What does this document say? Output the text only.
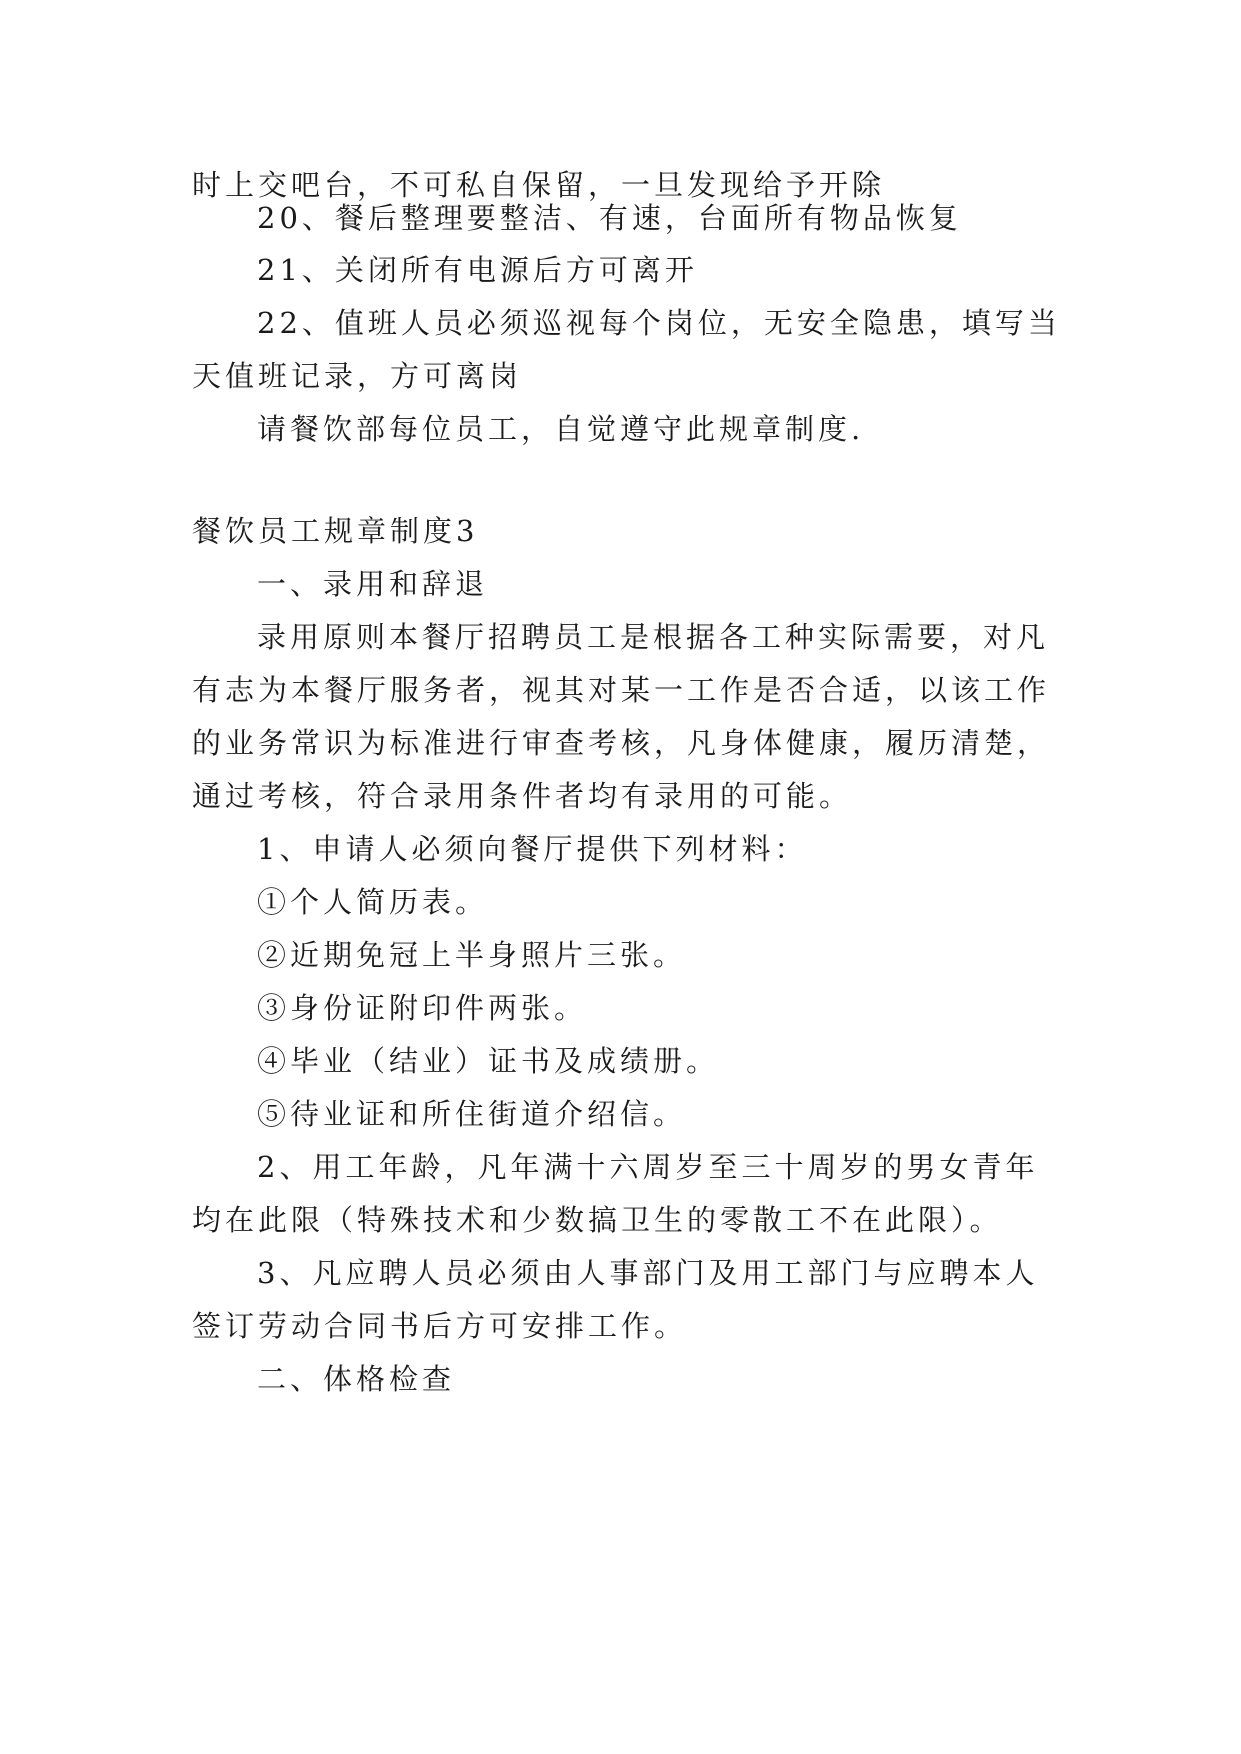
时上交吧台，不可私自保留，一旦发现给予开除
20、餐后整理要整洁、有速，台面所有物品恢复
21、关闭所有电源后方可离开
22、值班人员必须巡视每个岗位，无安全隐患，填写当
天值班记录，方可离岗
请餐饮部每位员工，自觉遵守此规章制度.
餐饮员工规章制度3
一、录用和辞退
录用原则本餐厅招聘员工是根据各工种实际需要，对凡
有志为本餐厅服务者，视其对某一工作是否合适，以该工作
的业务常识为标准进行审查考核，凡身体健康，履历清楚，
通过考核，符合录用条件者均有录用的可能。
1、申请人必须向餐厅提供下列材料：
①个人简历表。
②近期免冠上半身照片三张。
③身份证附印件两张。
④毕业（结业）证书及成绩册。
⑤待业证和所住街道介绍信。
2、用工年龄，凡年满十六周岁至三十周岁的男女青年
均在此限（特殊技术和少数搞卫生的零散工不在此限）。
3、凡应聘人员必须由人事部门及用工部门与应聘本人
签订劳动合同书后方可安排工作。
二、体格检查
